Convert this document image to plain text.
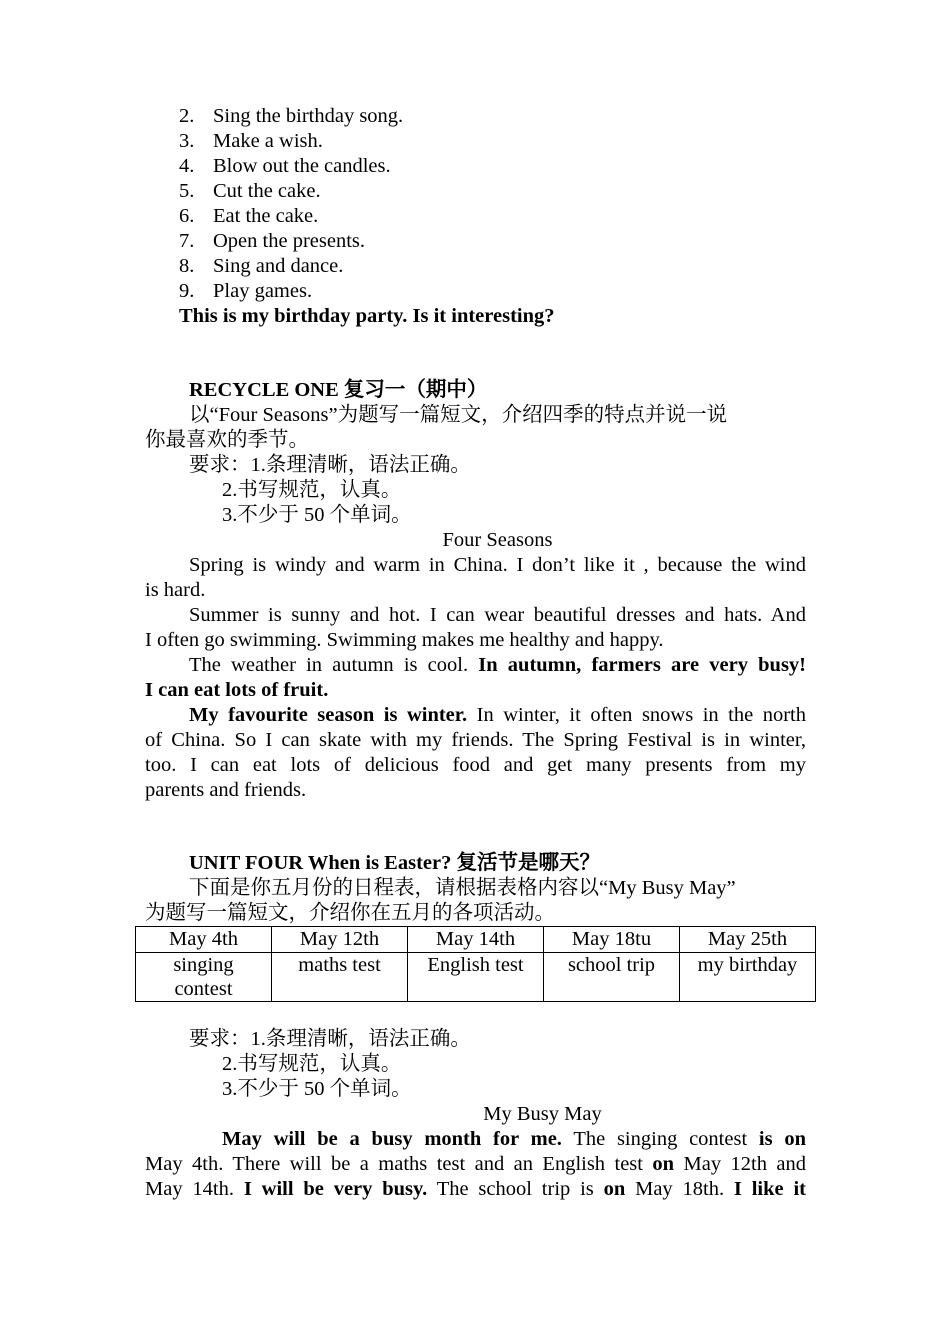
2. Sing the birthday song.
3. Make a wish.
4. Blow out the candles.
5. Cut the cake.
6. Eat the cake.
7. Open the presents.
8. Sing and dance.
9. Play games.
This is my birthday party. Is it interesting?
RECYCLE ONE 复习一（期中）
以“Four Seasons”为题写一篇短文，介绍四季的特点并说一说
你最喜欢的季节。
要求：1.条理清晰，语法正确。
2.书写规范，认真。
3.不少于 50 个单词。
Four Seasons
Spring is windy and warm in China. I don’t like it , because the wind
is hard.
Summer is sunny and hot. I can wear beautiful dresses and hats. And
I often go swimming. Swimming makes me healthy and happy.
The weather in autumn is cool. In autumn, farmers are very busy!
I can eat lots of fruit.
My favourite season is winter. In winter, it often snows in the north
of China. So I can skate with my friends. The Spring Festival is in winter,
too. I can eat lots of delicious food and get many presents from my
parents and friends.
UNIT FOUR When is Easter? 复活节是哪天？
下面是你五月份的日程表，请根据表格内容以“My Busy May”
为题写一篇短文，介绍你在五月的各项活动。
May 4th	May 12th	May 14th	May 18tu	May 25th
singing contest	maths test	English test	school trip	my birthday
要求：1.条理清晰，语法正确。
2.书写规范，认真。
3.不少于 50 个单词。
My Busy May
May will be a busy month for me. The singing contest is on
May 4th. There will be a maths test and an English test on May 12th and
May 14th. I will be very busy. The school trip is on May 18th. I like it
